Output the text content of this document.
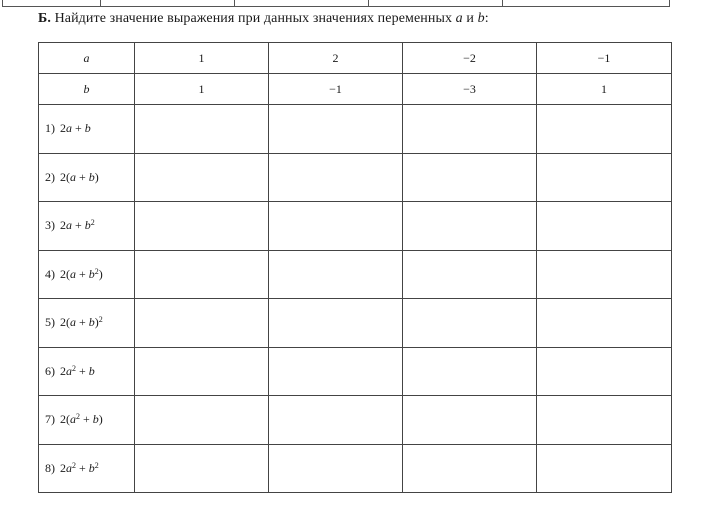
Б. Найдите значение выражения при данных значениях переменных a и b:
a	1	2	−2	−1
b	1	−1	−3	1
1) 2a + b				
2) 2(a + b)				
3) $2a + b^2$				
4) $2(a + b^2)$				
5) $2(a + b)^2$				
6) $2a^2 + b$				
7) $2(a^2 + b)$				
8) $2a^2 + b^2$				
